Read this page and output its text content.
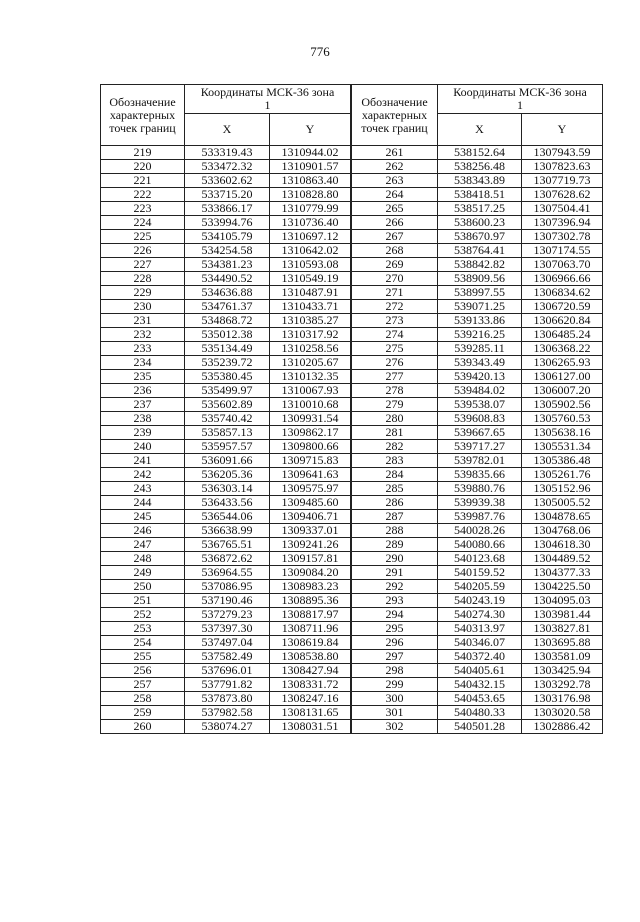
776
Обозначение характерных точек границ	Координаты МСК-36 зона 1	
	X	Y
219	533319.43	1310944.02
220	533472.32	1310901.57
221	533602.62	1310863.40
222	533715.20	1310828.80
223	533866.17	1310779.99
224	533994.76	1310736.40
225	534105.79	1310697.12
226	534254.58	1310642.02
227	534381.23	1310593.08
228	534490.52	1310549.19
229	534636.88	1310487.91
230	534761.37	1310433.71
231	534868.72	1310385.27
232	535012.38	1310317.92
233	535134.49	1310258.56
234	535239.72	1310205.67
235	535380.45	1310132.35
236	535499.97	1310067.93
237	535602.89	1310010.68
238	535740.42	1309931.54
239	535857.13	1309862.17
240	535957.57	1309800.66
241	536091.66	1309715.83
242	536205.36	1309641.63
243	536303.14	1309575.97
244	536433.56	1309485.60
245	536544.06	1309406.71
246	536638.99	1309337.01
247	536765.51	1309241.26
248	536872.62	1309157.81
249	536964.55	1309084.20
250	537086.95	1308983.23
251	537190.46	1308895.36
252	537279.23	1308817.97
253	537397.30	1308711.96
254	537497.04	1308619.84
255	537582.49	1308538.80
256	537696.01	1308427.94
257	537791.82	1308331.72
258	537873.80	1308247.16
259	537982.58	1308131.65
260	538074.27	1308031.51
Обозначение характерных точек границ	Координаты МСК-36 зона 1	
	X	Y
261	538152.64	1307943.59
262	538256.48	1307823.63
263	538343.89	1307719.73
264	538418.51	1307628.62
265	538517.25	1307504.41
266	538600.23	1307396.94
267	538670.97	1307302.78
268	538764.41	1307174.55
269	538842.82	1307063.70
270	538909.56	1306966.66
271	538997.55	1306834.62
272	539071.25	1306720.59
273	539133.86	1306620.84
274	539216.25	1306485.24
275	539285.11	1306368.22
276	539343.49	1306265.93
277	539420.13	1306127.00
278	539484.02	1306007.20
279	539538.07	1305902.56
280	539608.83	1305760.53
281	539667.65	1305638.16
282	539717.27	1305531.34
283	539782.01	1305386.48
284	539835.66	1305261.76
285	539880.76	1305152.96
286	539939.38	1305005.52
287	539987.76	1304878.65
288	540028.26	1304768.06
289	540080.66	1304618.30
290	540123.68	1304489.52
291	540159.52	1304377.33
292	540205.59	1304225.50
293	540243.19	1304095.03
294	540274.30	1303981.44
295	540313.97	1303827.81
296	540346.07	1303695.88
297	540372.40	1303581.09
298	540405.61	1303425.94
299	540432.15	1303292.78
300	540453.65	1303176.98
301	540480.33	1303020.58
302	540501.28	1302886.42
